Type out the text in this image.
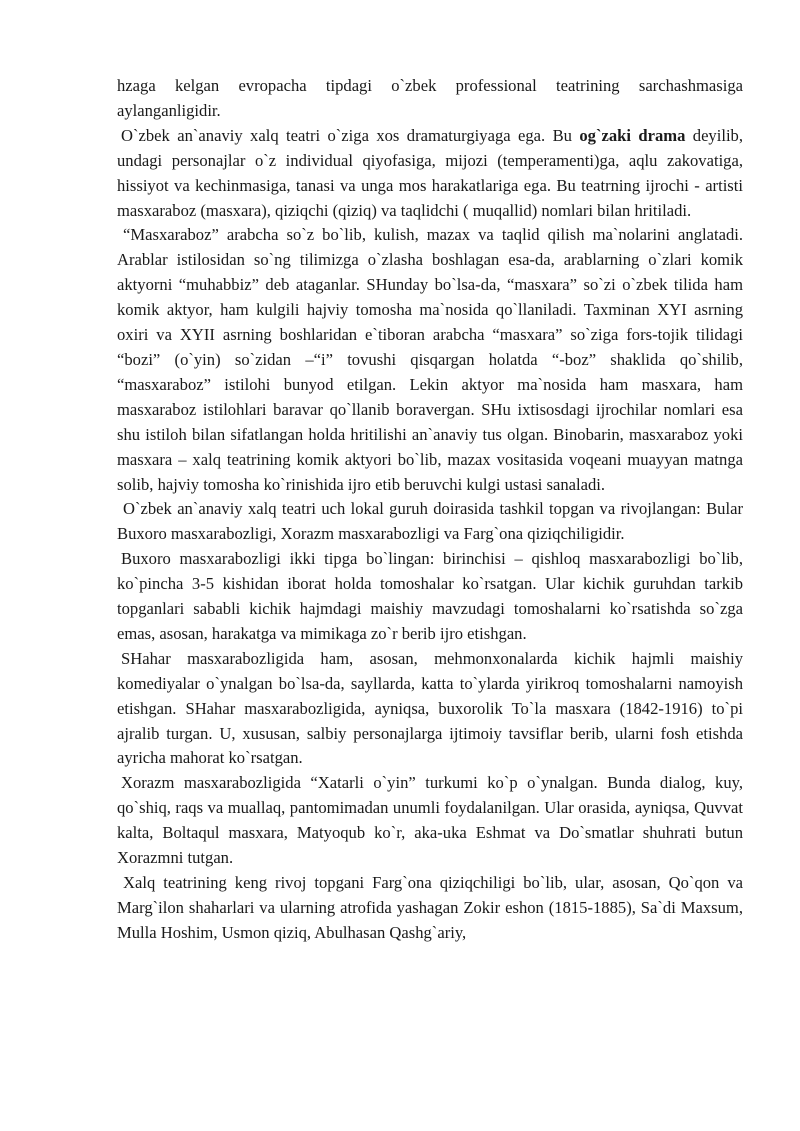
hzaga kelgan evropacha tipdagi o`zbek professional teatrining sarchashmasiga aylanganligidir.

O`zbek an`anaviy xalq teatri o`ziga xos dramaturgiyaga ega. Bu og`zaki drama deyilib, undagi personajlar o`z individual qiyofasiga, mijozi (temperamenti)ga, aqlu zakovatiga, hissiyot va kechinmasiga, tanasi va unga mos harakatlariga ega. Bu teatrning ijrochi - artisti masxaraboz (masxara), qiziqchi (qiziq) va taqlidchi ( muqallid) nomlari bilan hritiladi.

“Masxaraboz” arabcha so`z bo`lib, kulish, mazax va taqlid qilish ma`nolarini anglatadi. Arablar istilosidan so`ng tilimizga o`zlasha boshlagan esa-da, arablarning o`zlari komik aktyorni “muhabbiz” deb ataganlar. SHunday bo`lsa-da, “masxara” so`zi o`zbek tilida ham komik aktyor, ham kulgili hajviy tomosha ma`nosida qo`llaniladi. Taxminan XYI asrning oxiri va XYII asrning boshlaridan e`tiboran arabcha “masxara” so`ziga fors-tojik tilidagi “bozi” (o`yin) so`zidan –“i” tovushi qisqargan holatda “-boz” shaklida qo`shilib, “masxaraboz” istilohi bunyod etilgan. Lekin aktyor ma`nosida ham masxara, ham masxaraboz istilohlari baravar qo`llanib boravergan. SHu ixtisosdagi ijrochilar nomlari esa shu istiloh bilan sifatlangan holda hritilishi an`anaviy tus olgan. Binobarin, masxaraboz yoki masxara – xalq teatrining komik aktyori bo`lib, mazax vositasida voqeani muayyan matnga solib, hajviy tomosha ko`rinishida ijro etib beruvchi kulgi ustasi sanaladi.

O`zbek an`anaviy xalq teatri uch lokal guruh doirasida tashkil topgan va rivojlangan: Bular Buxoro masxarabozligi, Xorazm masxarabozligi va Farg`ona qiziqchiligidir.

Buxoro masxarabozligi ikki tipga bo`lingan: birinchisi – qishloq masxarabozligi bo`lib, ko`pincha 3-5 kishidan iborat holda tomoshalar ko`rsatgan. Ular kichik guruhdan tarkib topganlari sababli kichik hajmdagi maishiy mavzudagi tomoshalarni ko`rsatishda so`zga emas, asosan, harakatga va mimikaga zo`r berib ijro etishgan.

SHahar masxarabozligida ham, asosan, mehmonxonalarda kichik hajmli maishiy komediyalar o`ynalgan bo`lsa-da, sayllarda, katta to`ylarda yirikroq tomoshalarni namoyish etishgan. SHahar masxarabozligida, ayniqsa, buxorolik To`la masxara (1842-1916) to`pi ajralib turgan. U, xususan, salbiy personajlarga ijtimoiy tavsiflar berib, ularni fosh etishda ayricha mahorat ko`rsatgan.

Xorazm masxarabozligida “Xatarli o`yin” turkumi ko`p o`ynalgan. Bunda dialog, kuy, qo`shiq, raqs va muallaq, pantomimadan unumli foydalanilgan. Ular orasida, ayniqsa, Quvvat kalta, Boltaqul masxara, Matyoqub ko`r, aka-uka Eshmat va Do`smatlar shuhrati butun Xorazmni tutgan.

Xalq teatrining keng rivoj topgani Farg`ona qiziqchiligi bo`lib, ular, asosan, Qo`qon va Marg`ilon shaharlari va ularning atrofida yashagan Zokir eshon (1815-1885), Sa`di Maxsum, Mulla Hoshim, Usmon qiziq, Abulhasan Qashg`ariy,
